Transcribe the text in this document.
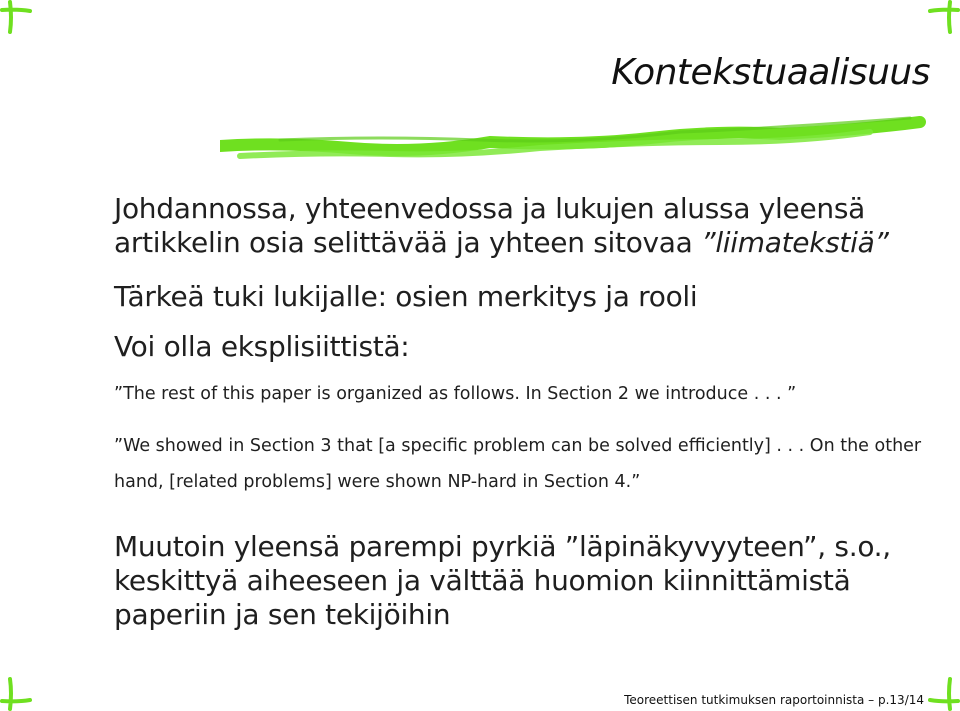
Kontekstuaalisuus
Johdannossa, yhteenvedossa ja lukujen alussa yleensä artikkelin osia selittävää ja yhteen sitovaa ”liimatekstiä”
Tärkeä tuki lukijalle: osien merkitys ja rooli
Voi olla eksplisiittistä:
”The rest of this paper is organized as follows. In Section 2 we introduce . . . ”
”We showed in Section 3 that [a specific problem can be solved efficiently] . . . On the other hand, [related problems] were shown NP-hard in Section 4.”
Muutoin yleensä parempi pyrkiä ”läpinäkyvyyteen”, s.o., keskittyä aiheeseen ja välttää huomion kiinnittämistä paperiin ja sen tekijöihin
Teoreettisen tutkimuksen raportoinnista – p.13/14
